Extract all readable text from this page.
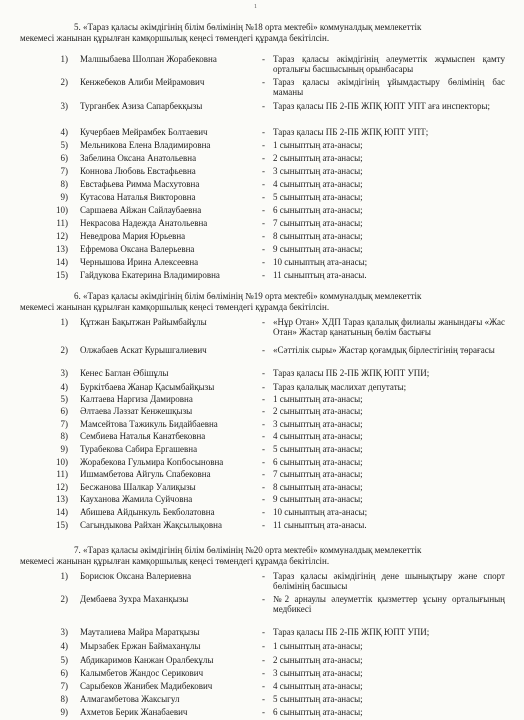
1
5. «Тараз қаласы әкімдігінің білім бөлімінің №18 орта мектебі» коммуналдық мемлекеттік
мекемесі жанынан құрылған камқоршылық кеңесі төмендегі құрамда бекітілсін.
1) Малшыбаева Шолпан Жорабековна	- Тараз қаласы әкімдігінің әлеуметтік жұмыспен қамту орталығы басшысының орынбасары
2) Кенжебеков Алиби Мейрамович	- Тараз қаласы әкімдігінің ұйымдастыру бөлімінің бас маманы
3) Турганбек Азиза Сапарбекқызы	- Тараз қаласы ПБ 2-ПБ ЖПҚ ЮПТ УПТ аға инспекторы;
4) Кучербаев Мейрамбек Болтаевич	- Тараз қаласы ПБ 2-ПБ ЖПҚ ЮПТ УПТ;
5) Мельникова Елена Владимировна	- 1 сыныптың ата-анасы;
6) Забелина Оксана Анатольевна	- 2 сыныптың ата-анасы;
7) Коннова Любовь Евстафьевна	- 3 сыныптың ата-анасы;
8) Евстафьева Римма Масхутовна	- 4 сыныптың ата-анасы;
9) Кутасова Наталья Викторовна	- 5 сыныптың ата-анасы;
10) Саршаева Айжан Сайлаубаевна	- 6 сыныптың ата-анасы;
11) Некрасова Надежда Анатольевна	- 7 сыныптың ата-анасы;
12) Неведрова Мария Юрьевна	- 8 сыныптың ата-анасы;
13) Ефремова Оксана Валерьевна	- 9 сыныптың ата-анасы;
14) Чернышова Ирина Алексеевна	- 10 сыныптың ата-анасы;
15) Гайдукова Екатерина Владимировна	- 11 сыныптың ата-анасы.
6. «Тараз қаласы әкімдігінің білім бөлімінің №19 орта мектебі» коммуналдық мемлекеттік
мекемесі жанынан құрылған камқоршылық кеңесі төмендегі құрамда бекітілсін.
1) Құтжан Бақытжан Райымбайұлы	- «Нұр Отан» ХДП Тараз қалалық филиалы жанындағы «Жас Отан» Жастар қанатының бөлім бастығы
2) Олжабаев Аскат Курышгалиевич	- «Сәттілік сыры» Жастар қоғамдық бірлестігінің төрағасы
3) Кенес Баглан Әбішұлы	- Тараз қаласы ПБ 2-ПБ ЖПҚ ЮПТ УПИ;
4) Буркітбаева Жанар Қасымбайқызы	- Тараз қалалық маслихат депутаты;
5) Калтаева Наргиза Дамировна	- 1 сыныптың ата-анасы;
6) Әлтаева Ләззат Кенжешқызы	- 2 сыныптың ата-анасы;
7) Мамсейтова Тажикуль Бидайбаевна	- 3 сыныптың ата-анасы;
8) Сембиева Наталья Канатбековна	- 4 сыныптың ата-анасы;
9) Турабекова Сабира Ергашевна	- 5 сыныптың ата-анасы;
10) Жорабекова Гульмира Копбосыновна	- 6 сыныптың ата-анасы;
11) Ишмамбетова Айгуль Спабековна	- 7 сыныптың ата-анасы;
12) Бесжанова Шалкар Уалиқызы	- 8 сыныптың ата-анасы;
13) Кауханова Жамила Суйчовна	- 9 сыныптың ата-анасы;
14) Абишева Айдынкуль Бекболатовна	- 10 сыныптың ата-анасы;
15) Сагындыкова Райхан Жақсылықовна	- 11 сыныптың ата-анасы.
7. «Тараз қаласы әкімдігінің білім бөлімінің №20 орта мектебі» коммуналдық мемлекеттік
мекемесі жанынан құрылған камқоршылық кеңесі төмендегі құрамда бекітілсін.
1) Борисюк Оксана Валериевна	- Тараз қаласы әкімдігінің дене шынықтыру және спорт бөлімінің басшысы
2) Дембаева Зухра Маханқызы	- №2 арнаулы әлеуметтік қызметтер ұсыну орталығының медбикесі
3) Мауталиева Майра Маратқызы	- Тараз қаласы ПБ 2-ПБ ЖПҚ ЮПТ УПИ;
4) Мырзабек Ержан Баймаханұлы	- 1 сыныптың ата-анасы;
5) Абдикаримов Канжан Оралбекұлы	- 2 сыныптың ата-анасы;
6) Калымбетов Жандос Серикович	- 3 сыныптың ата-анасы;
7) Сарыбеков Жанибек Мадибекович	- 4 сыныптың ата-анасы;
8) Алмагамбетова Жаксыгул	- 5 сыныптың ата-анасы;
9) Ахметов Берик Жанабаевич	- 6 сыныптың ата-анасы;
